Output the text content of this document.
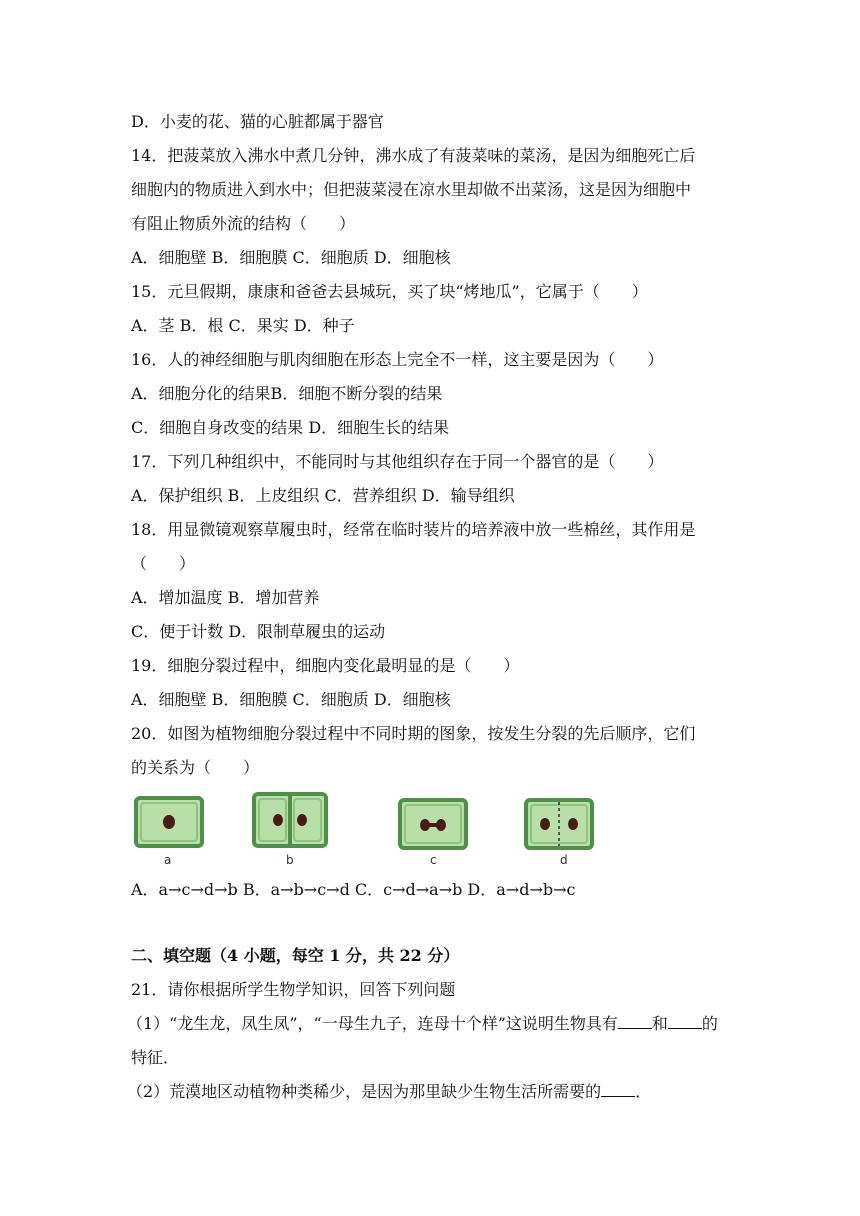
D．小麦的花、猫的心脏都属于器官
14．把菠菜放入沸水中煮几分钟，沸水成了有菠菜味的菜汤，是因为细胞死亡后
细胞内的物质进入到水中；但把菠菜浸在凉水里却做不出菜汤，这是因为细胞中
有阻止物质外流的结构（　　）
A．细胞壁 B．细胞膜 C．细胞质 D．细胞核
15．元旦假期，康康和爸爸去县城玩，买了块“烤地瓜”，它属于（　　）
A．茎 B．根 C．果实 D．种子
16．人的神经细胞与肌肉细胞在形态上完全不一样，这主要是因为（　　）
A．细胞分化的结果B．细胞不断分裂的结果
C．细胞自身改变的结果 D．细胞生长的结果
17．下列几种组织中，不能同时与其他组织存在于同一个器官的是（　　）
A．保护组织 B．上皮组织 C．营养组织 D．输导组织
18．用显微镜观察草履虫时，经常在临时装片的培养液中放一些棉丝，其作用是
（　　）
A．增加温度 B．增加营养
C．便于计数 D．限制草履虫的运动
19．细胞分裂过程中，细胞内变化最明显的是（　　）
A．细胞壁 B．细胞膜 C．细胞质 D．细胞核
20．如图为植物细胞分裂过程中不同时期的图象，按发生分裂的先后顺序，它们
的关系为（　　）
a	b	c	d
A．a→c→d→b B．a→b→c→d C．c→d→a→b D．a→d→b→c
二、填空题（4 小题，每空 1 分，共 22 分）
21．请你根据所学生物学知识，回答下列问题
（1）“龙生龙，凤生凤”，“一母生九子，连母十个样”这说明生物具有 和 的
特征．
（2）荒漠地区动植物种类稀少，是因为那里缺少生物生活所需要的 ．
